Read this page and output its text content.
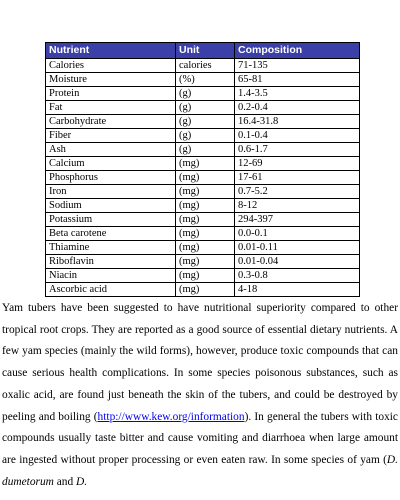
Nutrient	Unit	Composition
Calories	calories	71-135
Moisture	(%)	65-81
Protein	(g)	1.4-3.5
Fat	(g)	0.2-0.4
Carbohydrate	(g)	16.4-31.8
Fiber	(g)	0.1-0.4
Ash	(g)	0.6-1.7
Calcium	(mg)	12-69
Phosphorus	(mg)	17-61
Iron	(mg)	0.7-5.2
Sodium	(mg)	8-12
Potassium	(mg)	294-397
Beta carotene	(mg)	0.0-0.1
Thiamine	(mg)	0.01-0.11
Riboflavin	(mg)	0.01-0.04
Niacin	(mg)	0.3-0.8
Ascorbic acid	(mg)	4-18

Yam tubers have been suggested to have nutritional superiority compared to other tropical root crops. They are reported as a good source of essential dietary nutrients. A few yam species (mainly the wild forms), however, produce toxic compounds that can cause serious health complications. In some species poisonous substances, such as oxalic acid, are found just beneath the skin of the tubers, and could be destroyed by peeling and boiling (http://www.kew.org/information). In general the tubers with toxic compounds usually taste bitter and cause vomiting and diarrhoea when large amount are ingested without proper processing or even eaten raw. In some species of yam (D. dumetorum and D.
